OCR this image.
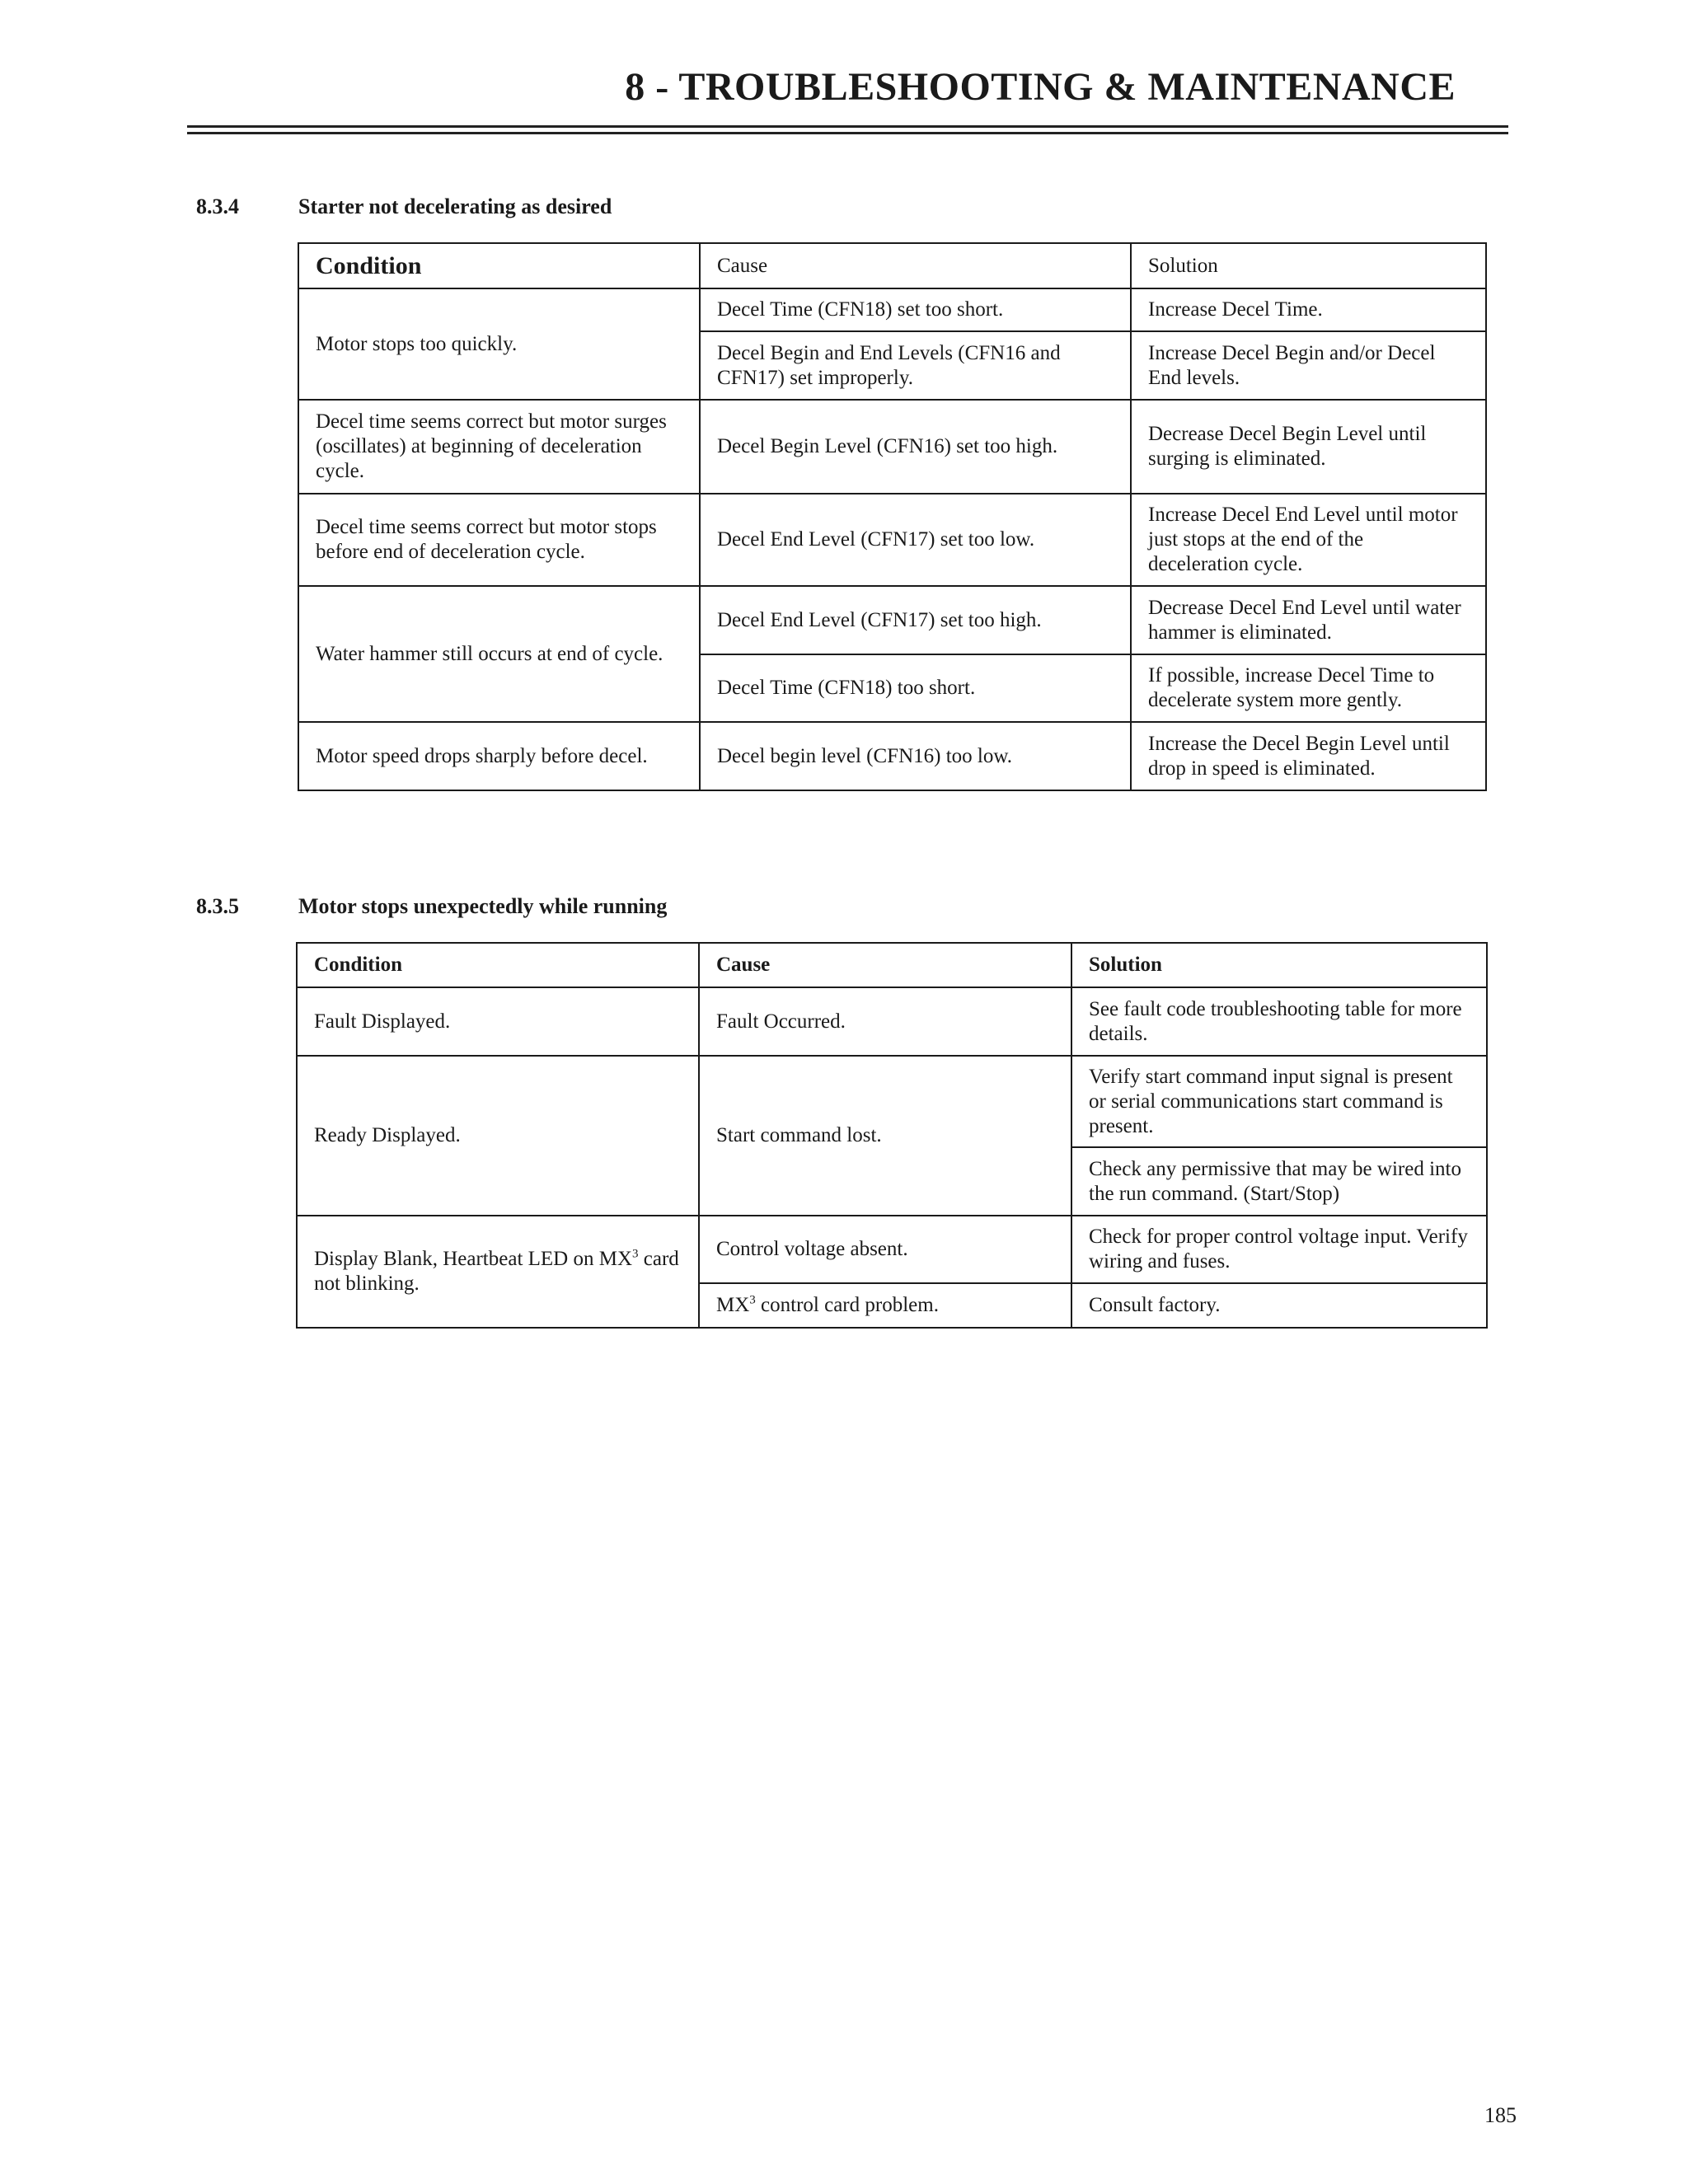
8 - TROUBLESHOOTING & MAINTENANCE
8.3.4	Starter not decelerating as desired
Condition	Cause	Solution
Motor stops too quickly.	Decel Time (CFN18) set too short.	Increase Decel Time.
	Decel Begin and End Levels (CFN16 and CFN17) set improperly.	Increase Decel Begin and/or Decel End levels.
Decel time seems correct but motor surges (oscillates) at beginning of deceleration cycle.	Decel Begin Level (CFN16) set too high.	Decrease Decel Begin Level until surging is eliminated.
Decel time seems correct but motor stops before end of deceleration cycle.	Decel End Level (CFN17) set too low.	Increase Decel End Level until motor just stops at the end of the deceleration cycle.
Water hammer still occurs at end of cycle.	Decel End Level (CFN17) set too high.	Decrease Decel End Level until water hammer is eliminated.
	Decel Time (CFN18) too short.	If possible, increase Decel Time to decelerate system more gently.
Motor speed drops sharply before decel.	Decel begin level (CFN16) too low.	Increase the Decel Begin Level until drop in speed is eliminated.
8.3.5	Motor stops unexpectedly while running
Condition	Cause	Solution
Fault Displayed.	Fault Occurred.	See fault code troubleshooting table for more details.
Ready Displayed.	Start command lost.	Verify start command input signal is present or serial communications start command is present.
		Check any permissive that may be wired into the run command. (Start/Stop)
Display Blank, Heartbeat LED on $MX^3$ card not blinking.	Control voltage absent.	Check for proper control voltage input. Verify wiring and fuses.
	$MX^3$ control card problem.	Consult factory.
185
